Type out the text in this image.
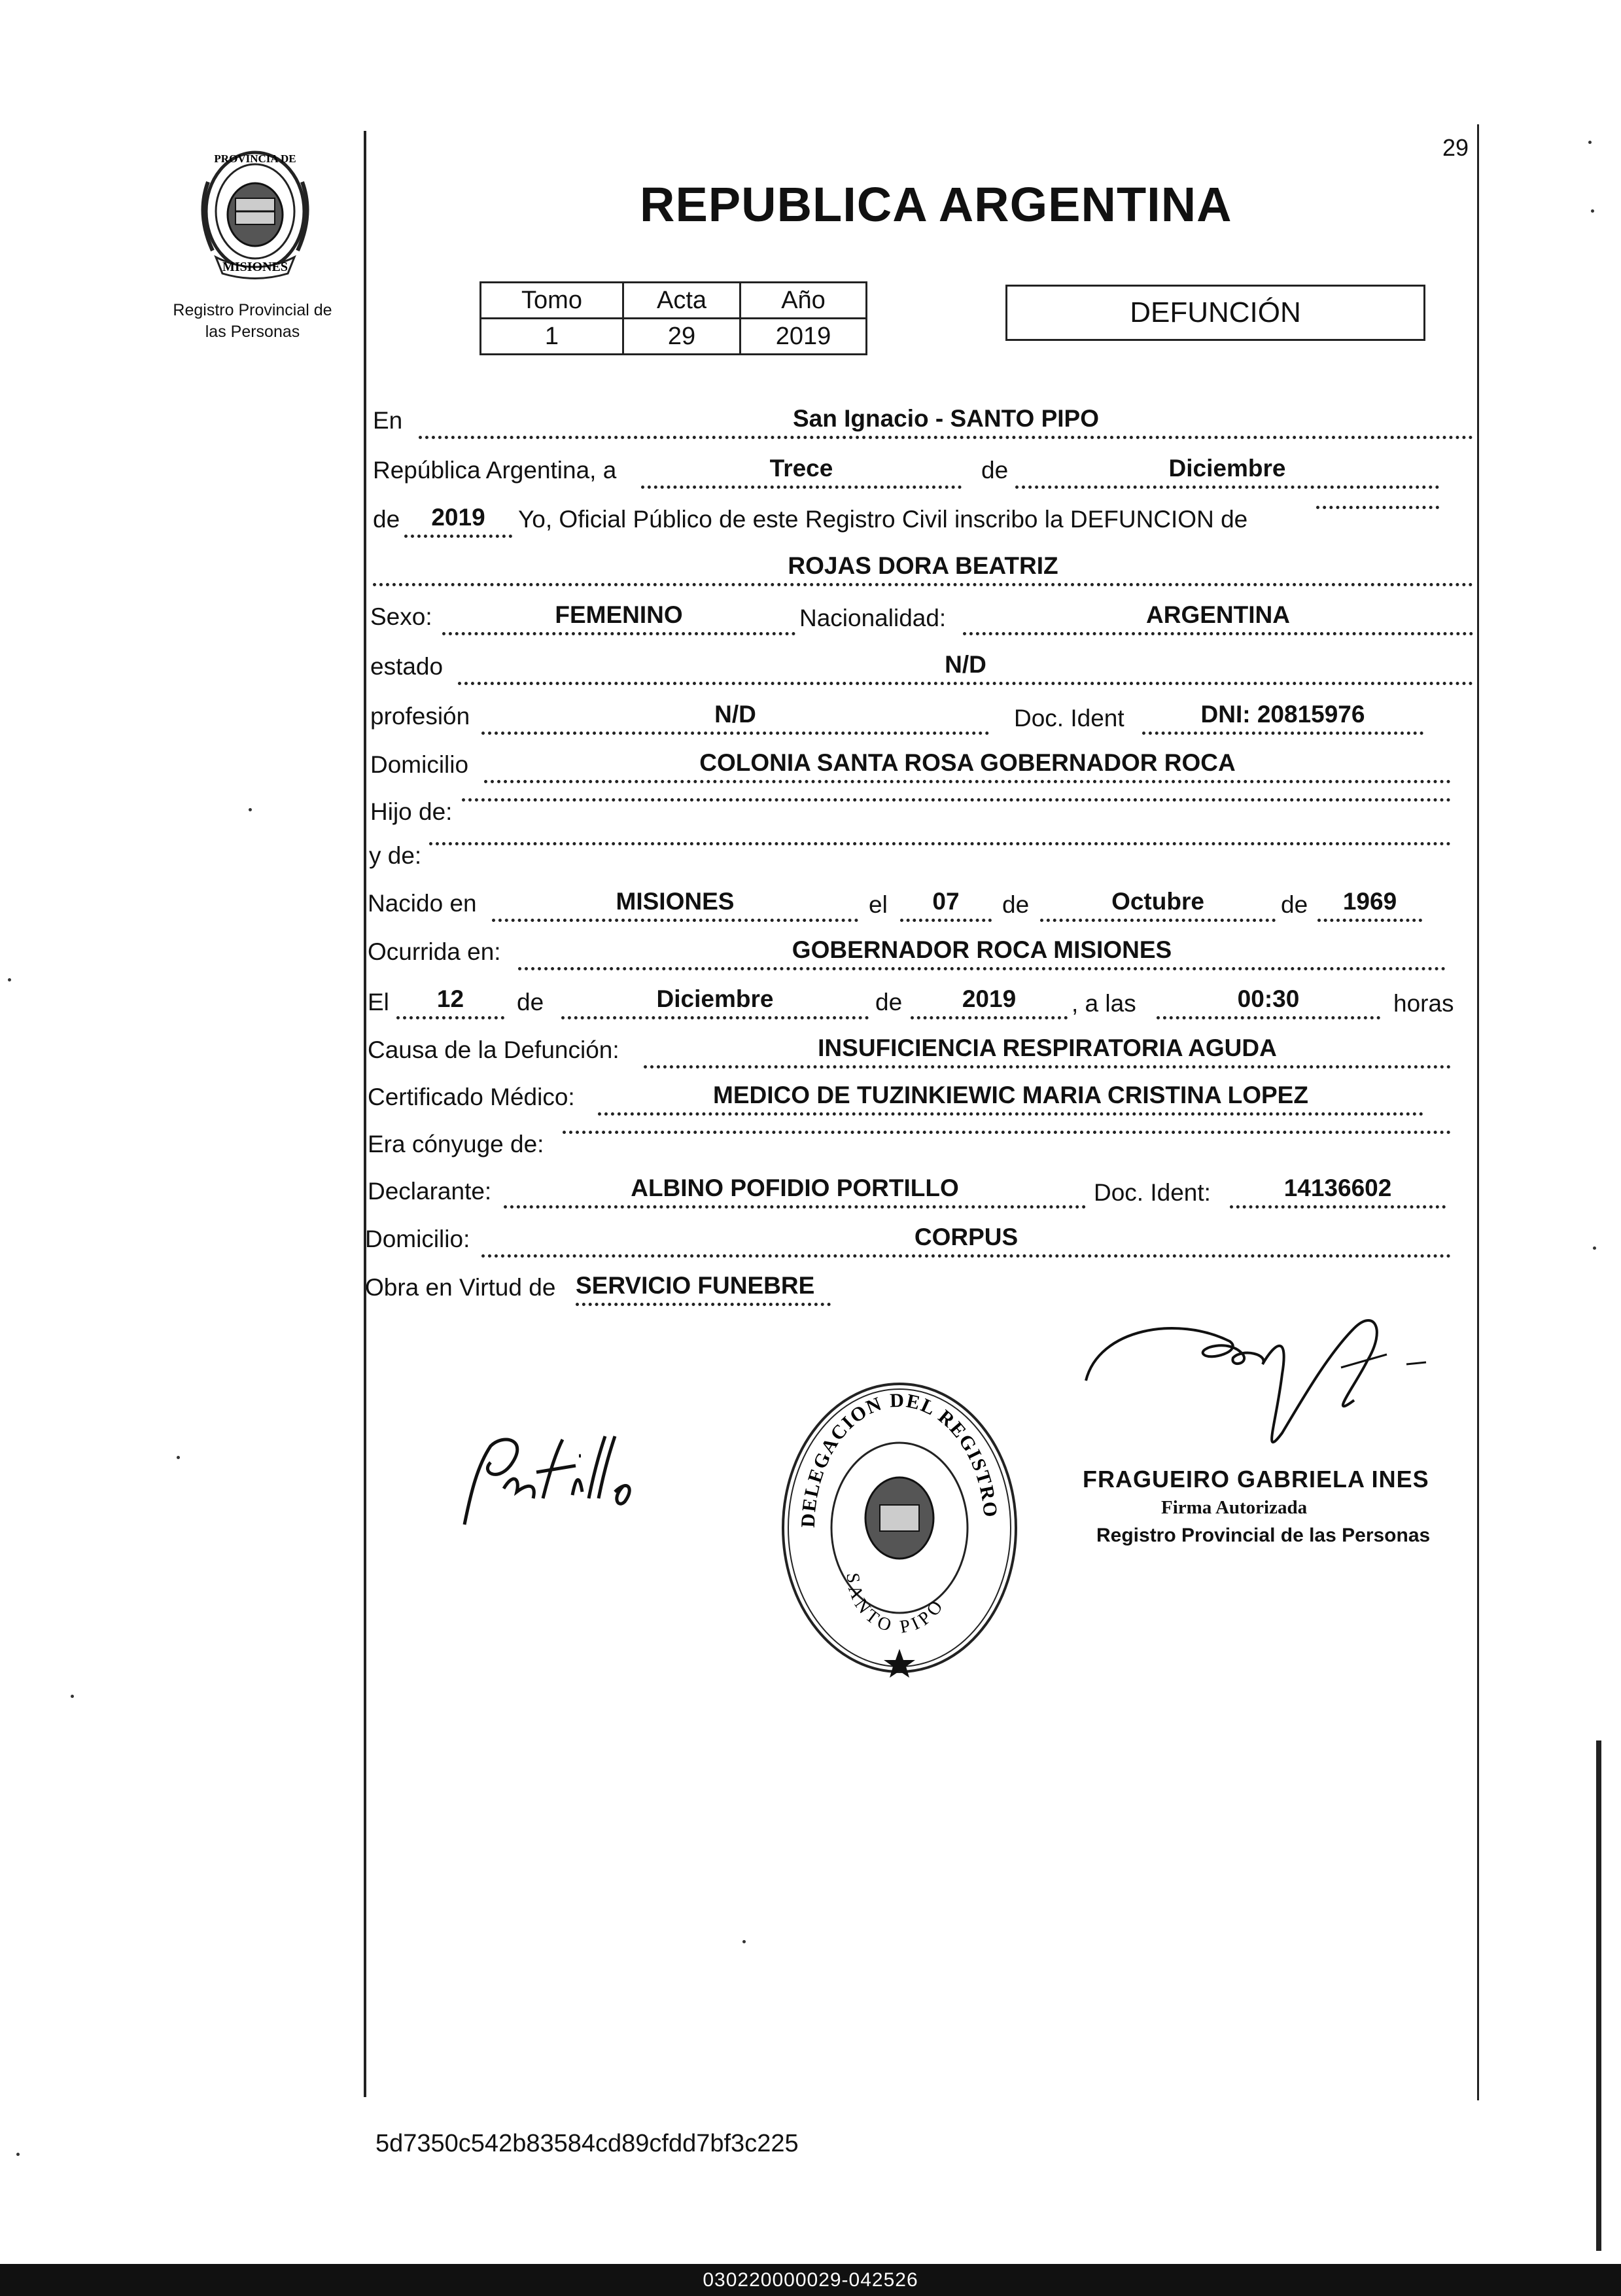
29
MISIONES
PROVINCIA DE
Registro Provincial de
las Personas
REPUBLICA ARGENTINA
Tomo	Acta	Año
1	29	2019
DEFUNCIÓN
En	San Ignacio - SANTO PIPO
República Argentina, a	Trece	de	Diciembre
de	2019	Yo, Oficial Público de este Registro Civil inscribo la DEFUNCION de
ROJAS DORA BEATRIZ
Sexo:	FEMENINO	Nacionalidad:	ARGENTINA
estado	N/D
profesión	N/D	Doc. Ident	DNI: 20815976
Domicilio	COLONIA SANTA ROSA GOBERNADOR ROCA
Hijo de:
y de:
Nacido en	MISIONES	el	07	de	Octubre	de	1969
Ocurrida en:	GOBERNADOR ROCA MISIONES
El	12	de	Diciembre	de	2019	, a las	00:30	horas
Causa de la Defunción:	INSUFICIENCIA RESPIRATORIA AGUDA
Certificado Médico:	MEDICO DE TUZINKIEWIC MARIA CRISTINA LOPEZ
Era cónyuge de:
Declarante:	ALBINO POFIDIO PORTILLO	Doc. Ident:	14136602
Domicilio:	CORPUS
Obra en Virtud de SERVICIO FUNEBRE
DELEGACION DEL REGISTRO
SANTO PIPO
FRAGUEIRO GABRIELA INES
Firma Autorizada
Registro Provincial de las Personas
5d7350c542b83584cd89cfdd7bf3c225
030220000029-042526
